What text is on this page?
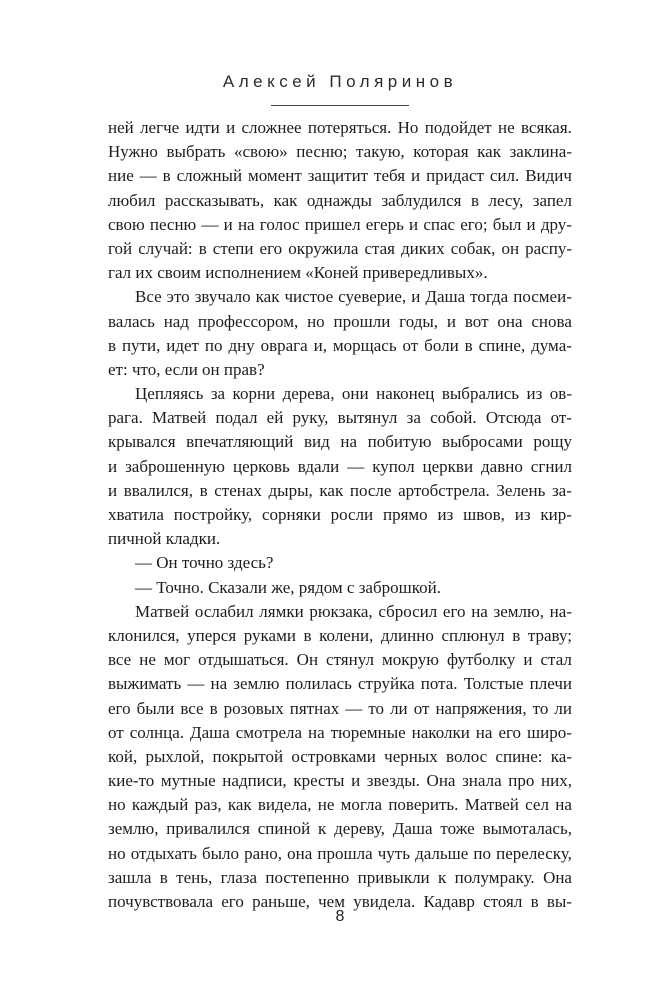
Алексей Поляринов
ней легче идти и сложнее потеряться. Но подойдет не всякая.
Нужно выбрать «свою» песню; такую, которая как заклина-
ние — в сложный момент защитит тебя и придаст сил. Видич
любил рассказывать, как однажды заблудился в лесу, запел
свою песню — и на голос пришел егерь и спас его; был и дру-
гой случай: в степи его окружила стая диких собак, он распу-
гал их своим исполнением «Коней привередливых».
Все это звучало как чистое суеверие, и Даша тогда посмеи-
валась над профессором, но прошли годы, и вот она снова
в пути, идет по дну оврага и, морщась от боли в спине, дума-
ет: что, если он прав?
Цепляясь за корни дерева, они наконец выбрались из ов-
рага. Матвей подал ей руку, вытянул за собой. Отсюда от-
крывался впечатляющий вид на побитую выбросами рощу
и заброшенную церковь вдали — купол церкви давно сгнил
и ввалился, в стенах дыры, как после артобстрела. Зелень за-
хватила постройку, сорняки росли прямо из швов, из кир-
пичной кладки.
— Он точно здесь?
— Точно. Сказали же, рядом с заброшкой.
Матвей ослабил лямки рюкзака, сбросил его на землю, на-
клонился, уперся руками в колени, длинно сплюнул в траву;
все не мог отдышаться. Он стянул мокрую футболку и стал
выжимать — на землю полилась струйка пота. Толстые плечи
его были все в розовых пятнах — то ли от напряжения, то ли
от солнца. Даша смотрела на тюремные наколки на его широ-
кой, рыхлой, покрытой островками черных волос спине: ка-
кие-то мутные надписи, кресты и звезды. Она знала про них,
но каждый раз, как видела, не могла поверить. Матвей сел на
землю, привалился спиной к дереву, Даша тоже вымоталась,
но отдыхать было рано, она прошла чуть дальше по перелеску,
зашла в тень, глаза постепенно привыкли к полумраку. Она
почувствовала его раньше, чем увидела. Кадавр стоял в вы-
8
